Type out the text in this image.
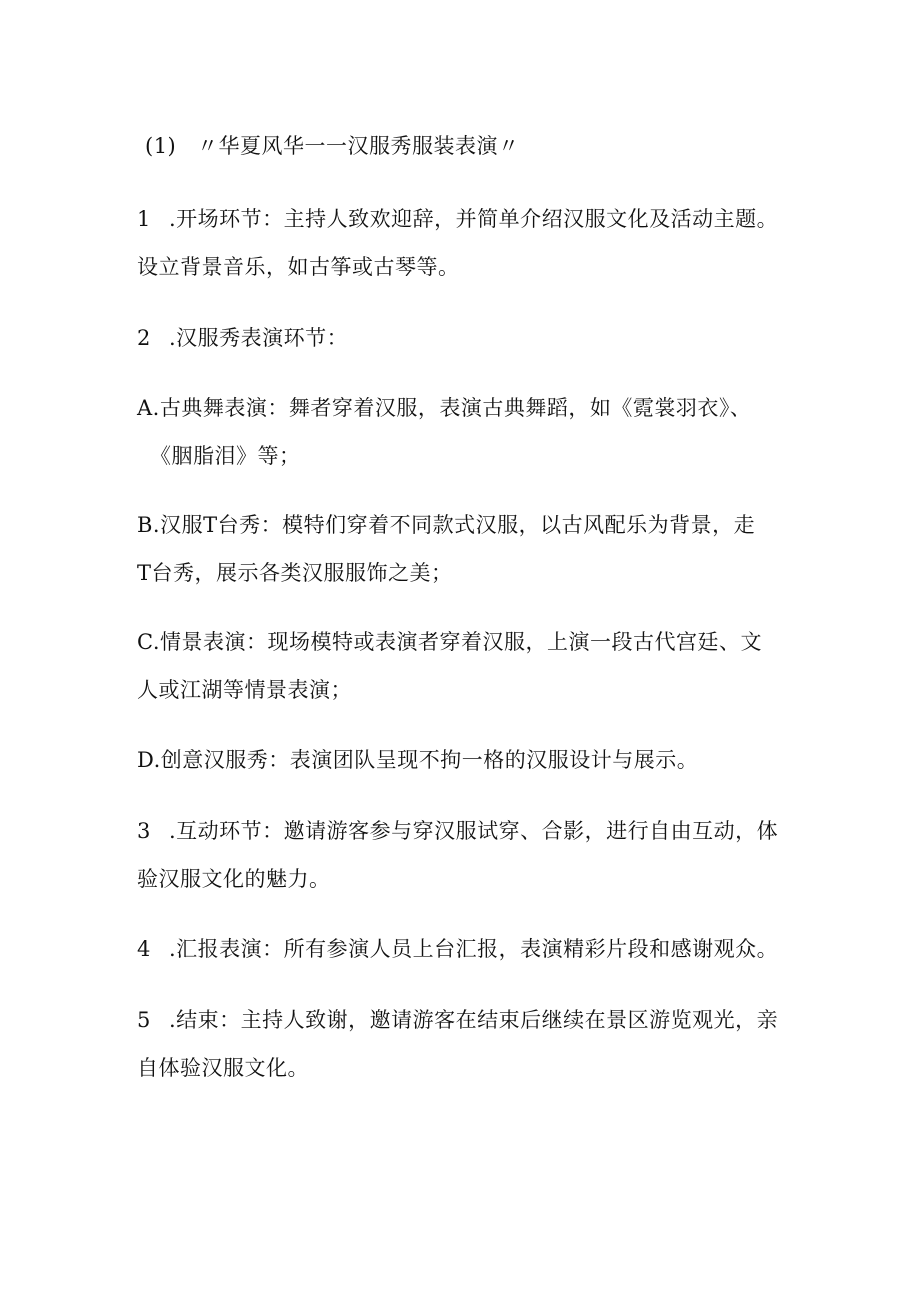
(1) 〃华夏风华一一汉服秀服装表演〃
1 .开场环节：主持人致欢迎辞，并简单介绍汉服文化及活动主题。
设立背景音乐，如古筝或古琴等。
2 .汉服秀表演环节：
A.古典舞表演：舞者穿着汉服，表演古典舞蹈，如《霓裳羽衣》、
《胭脂泪》等；
B.汉服T台秀：模特们穿着不同款式汉服，以古风配乐为背景，走
T台秀，展示各类汉服服饰之美；
C.情景表演：现场模特或表演者穿着汉服，上演一段古代宫廷、文
人或江湖等情景表演；
D.创意汉服秀：表演团队呈现不拘一格的汉服设计与展示。
3 .互动环节：邀请游客参与穿汉服试穿、合影，进行自由互动，体
验汉服文化的魅力。
4 .汇报表演：所有参演人员上台汇报，表演精彩片段和感谢观众。
5 .结束：主持人致谢，邀请游客在结束后继续在景区游览观光，亲
自体验汉服文化。
